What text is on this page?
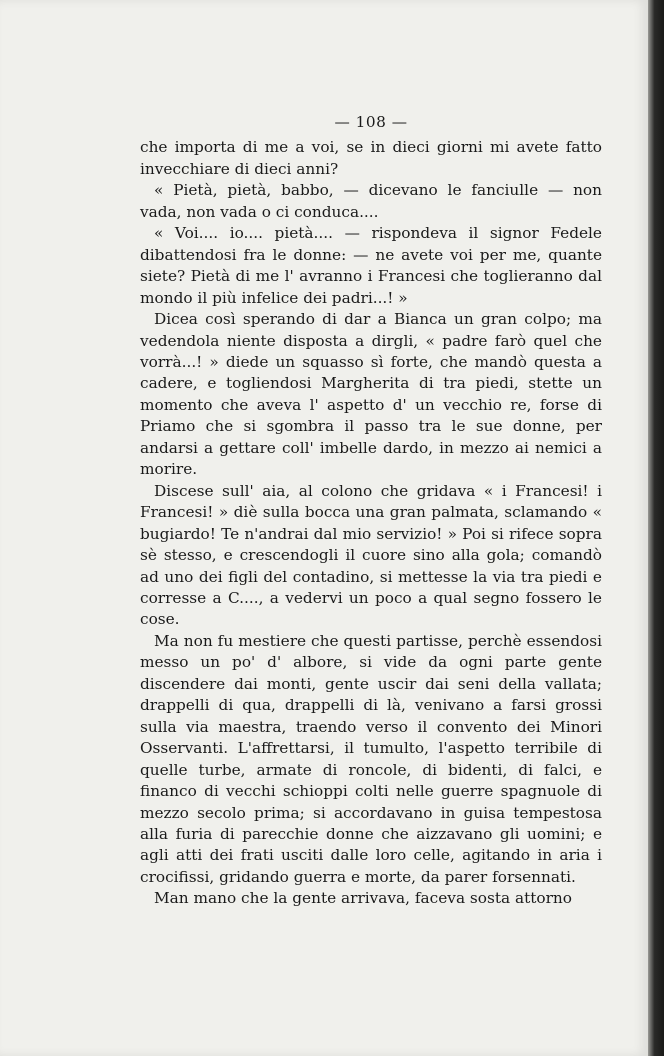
— 108 —

che importa di me a voi, se in dieci giorni mi avete fatto invecchiare di dieci anni?

« Pietà, pietà, babbo, — dicevano le fanciulle — non vada, non vada o ci conduca....

« Voi.... io.... pietà.... — rispondeva il signor Fedele dibattendosi fra le donne: — ne avete voi per me, quante siete? Pietà di me l' avranno i Francesi che toglieranno dal mondo il più infelice dei padri...! »

Dicea così sperando di dar a Bianca un gran colpo; ma vedendola niente disposta a dirgli, « padre farò quel che vorrà...! » diede un squasso sì forte, che mandò questa a cadere, e togliendosi Margherita di tra piedi, stette un momento che aveva l' aspetto d' un vecchio re, forse di Priamo che si sgombra il passo tra le sue donne, per andarsi a gettare coll' imbelle dardo, in mezzo ai nemici a morire.

Discese sull' aia, al colono che gridava « i Francesi! i Francesi! » diè sulla bocca una gran palmata, sclamando « bugiardo! Te n'andrai dal mio servizio! » Poi si rifece sopra sè stesso, e crescendogli il cuore sino alla gola; comandò ad uno dei figli del contadino, si mettesse la via tra piedi e corresse a C...., a vedervi un poco a qual segno fossero le cose.

Ma non fu mestiere che questi partisse, perchè essendosi messo un po' d' albore, si vide da ogni parte gente discendere dai monti, gente uscir dai seni della vallata; drappelli di qua, drappelli di là, venivano a farsi grossi sulla via maestra, traendo verso il convento dei Minori Osservanti. L'affrettarsi, il tumulto, l'aspetto terribile di quelle turbe, armate di roncole, di bidenti, di falci, e financo di vecchi schioppi colti nelle guerre spagnuole di mezzo secolo prima; si accordavano in guisa tempestosa alla furia di parecchie donne che aizzavano gli uomini; e agli atti dei frati usciti dalle loro celle, agitando in aria i crocifissi, gridando guerra e morte, da parer forsennati.

Man mano che la gente arrivava, faceva sosta attorno
